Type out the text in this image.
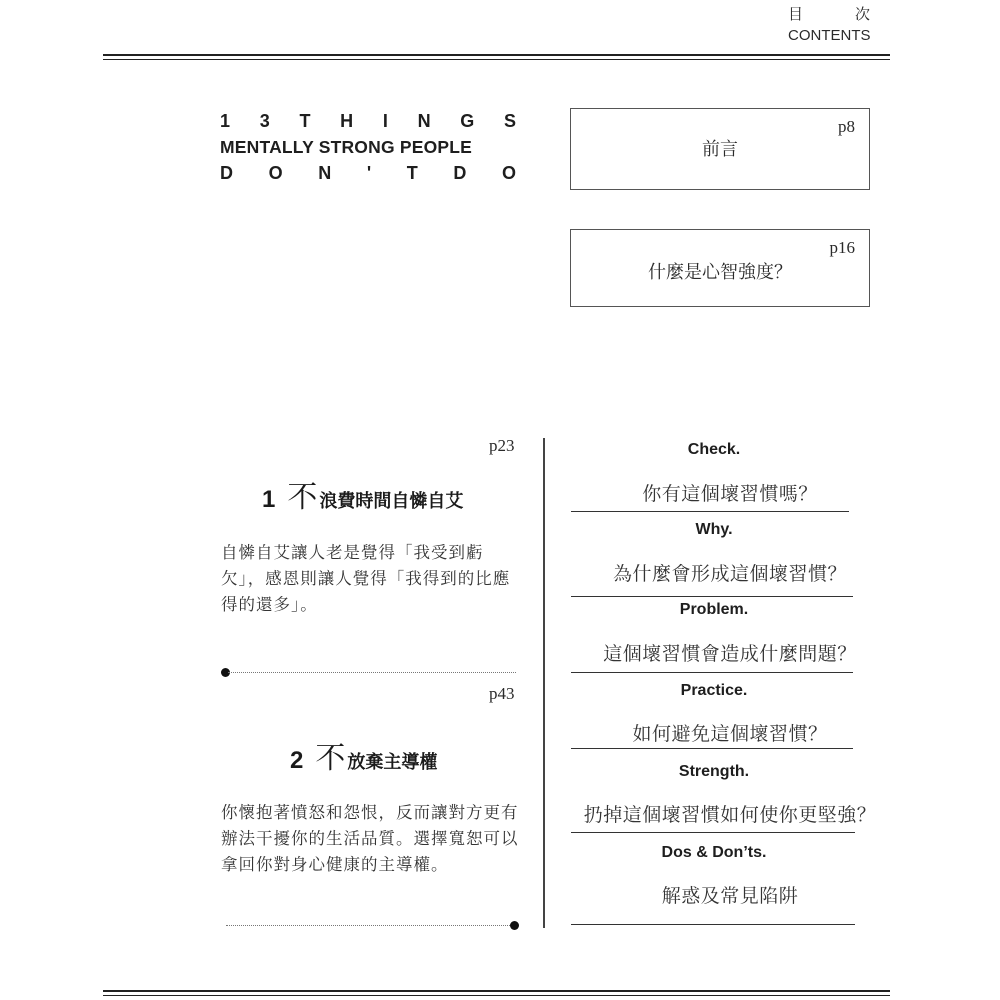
目	次
CONTENTS
1 3 T H I N G S
MENTALLY STRONG PEOPLE
D O N ' T D O
p8
前言
p16
什麼是心智強度？
p23
1 不 浪費時間自憐自艾
自憐自艾讓人老是覺得「我受到虧
欠」，感恩則讓人覺得「我得到的比應
得的還多」。
p43
2 不 放棄主導權
你懷抱著憤怒和怨恨，反而讓對方更有
辦法干擾你的生活品質。選擇寬恕可以
拿回你對身心健康的主導權。
Check.
你有這個壞習慣嗎？
Why.
為什麼會形成這個壞習慣？
Problem.
這個壞習慣會造成什麼問題？
Practice.
如何避免這個壞習慣？
Strength.
扔掉這個壞習慣如何使你更堅強？
Dos & Don’ts.
解惑及常見陷阱
